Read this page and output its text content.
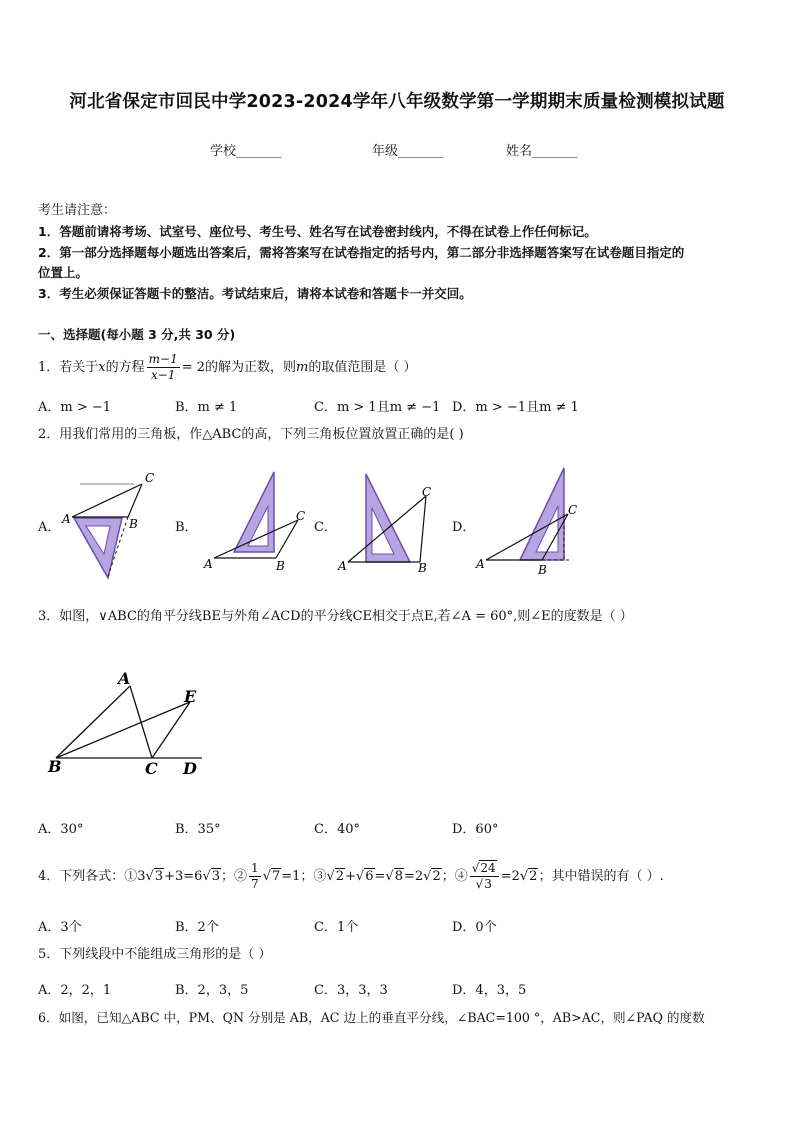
河北省保定市回民中学2023-2024学年八年级数学第一学期期末质量检测模拟试题
学校_______	年级_______	姓名_______
考生请注意：
1．答题前请将考场、试室号、座位号、考生号、姓名写在试卷密封线内，不得在试卷上作任何标记。
2．第一部分选择题每小题选出答案后，需将答案写在试卷指定的括号内，第二部分非选择题答案写在试卷题目指定的
位置上。
3．考生必须保证答题卡的整洁。考试结束后，请将本试卷和答题卡一并交回。
一、选择题(每小题 3 分,共 30 分)
1．若关于x的方程 $\frac{m-1}{x-1} = 2$的解为正数，则m的取值范围是（ ）
A．m > −1	B．m ≠ 1	C．m > 1且m ≠ −1 D．m > −1且m ≠ 1
2．用我们常用的三角板，作△ABC的高，下列三角板位置放置正确的是( )
A．	B．	C．	D．
A	B
C
A	B
C
A	B
C
A	B
C
3．如图，∨ABC的角平分线BE与外角∠ACD的平分线CE相交于点E,若∠A = 60°,则∠E的度数是（ ）
A
E
B	C D
A．30°	B．35°	C．40°	D．60°
4．下列各式：①3√3+3=6√3；② $\frac{1}{7} √7=1$；③√2+√6=√8=2√2；④ $\frac{√24}{√3} =2√2$；其中错误的有（ ）.
A．3个	B．2个	C．1个	D．0个
5．下列线段中不能组成三角形的是（ ）
A．2，2，1	B．2，3，5	C．3，3，3	D．4，3，5
6．如图，已知△ABC 中，PM、QN 分别是 AB，AC 边上的垂直平分线，∠BAC=100 °，AB>AC，则∠PAQ 的度数
